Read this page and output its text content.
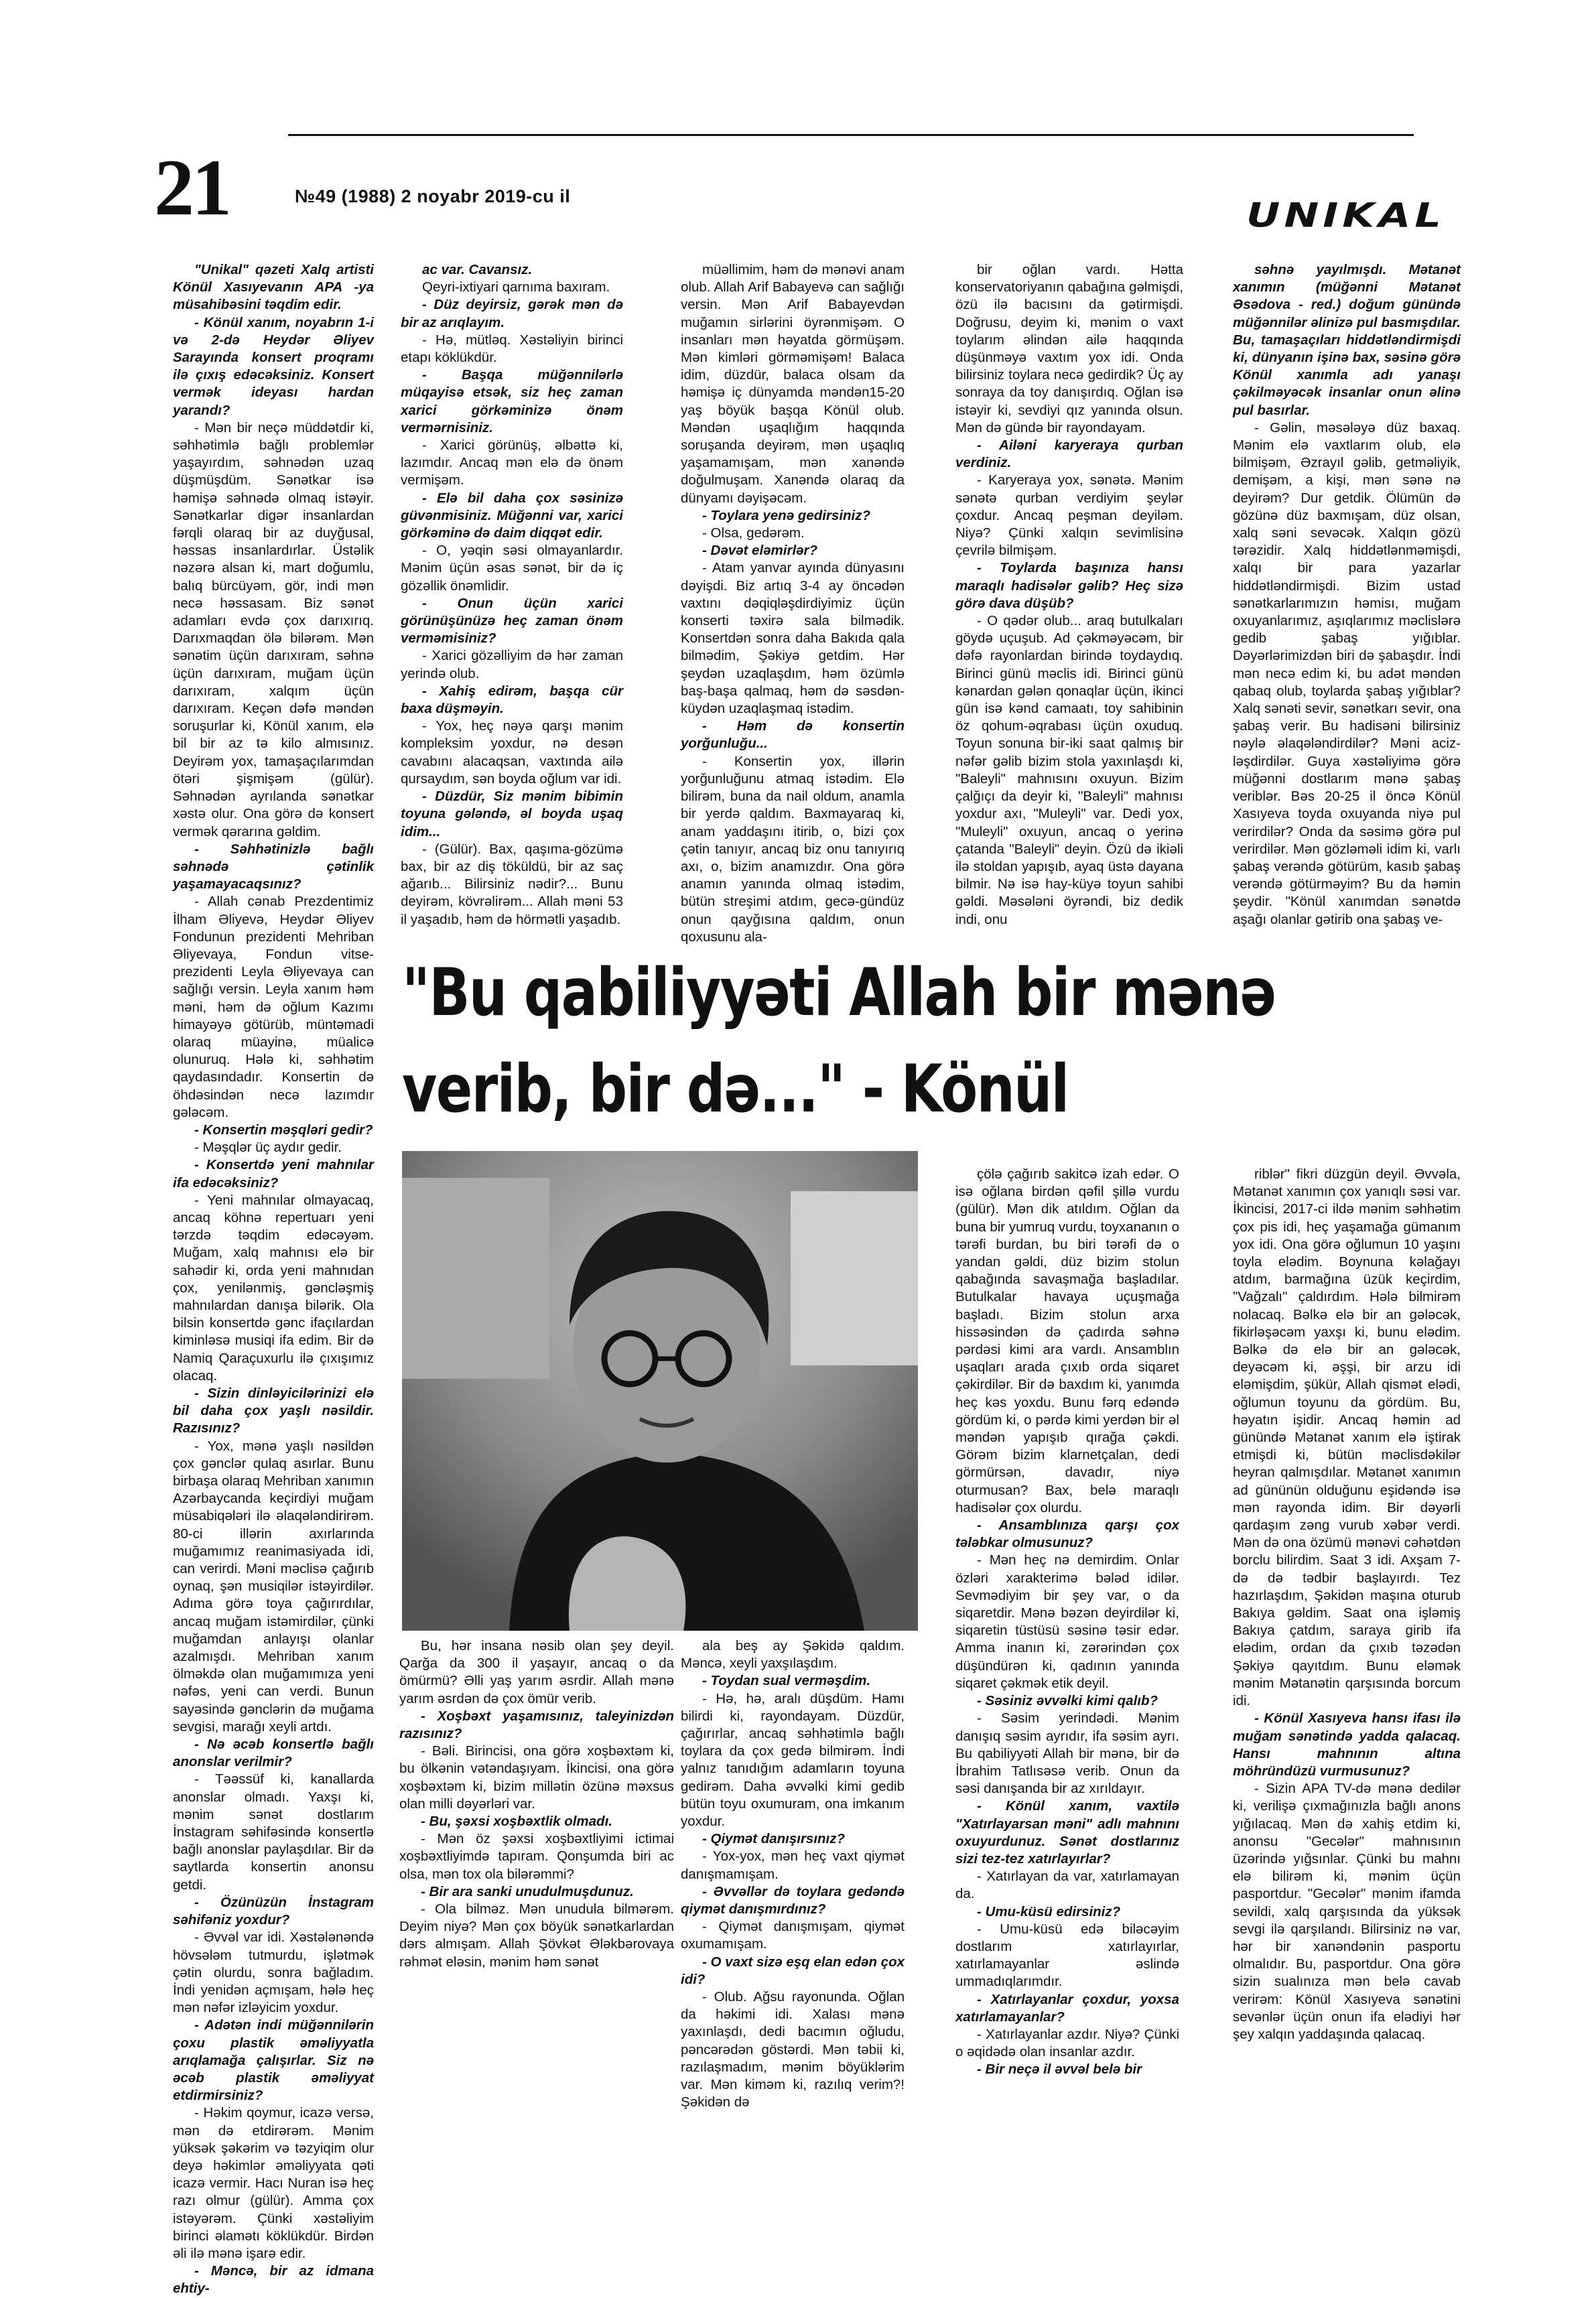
21	№49 (1988) 2 noyabr 2019-cu il	UNIKAL

"Unikal" qəzeti Xalq artisti Könül Xasıyevanın APA -ya müsahibəsini təqdim edir.

- Könül xanım, noyabrın 1-i və 2-də Heydər Əliyev Sarayında konsert proqramı ilə çıxış edəcəksiniz. Konsert vermək ideyası hardan yarandı?

- Mən bir neçə müddətdir ki, səhhətimlə bağlı problemlər yaşayırdım, səhnədən uzaq düşmüşdüm. Sənətkar isə həmişə səhnədə olmaq istəyir. Sənətkarlar digər insanlardan fərqli olaraq bir az duyğusal, həssas insanlardırlar. Üstəlik nəzərə alsan ki, mart doğumlu, balıq bürcüyəm, gör, indi mən necə həssasam. Biz sənət adamları evdə çox darıxırıq. Darıxmaqdan ölə bilərəm. Mən sənətim üçün darıxıram, səhnə üçün darıxıram, muğam üçün darıxıram, xalqım üçün darıxıram. Keçən dəfə məndən soruşurlar ki, Könül xanım, elə bil bir az tə kilo almısınız. Deyirəm yox, tamaşaçılarımdan ötəri şişmişəm (gülür). Səhnədən ayrılanda sənətkar xəstə olur. Ona görə də konsert vermək qərarına gəldim.

- Səhhətinizlə bağlı səhnədə çətinlik yaşamayacaqsınız?

- Allah cənab Prezdentimiz İlham Əliyevə, Heydər Əliyev Fondunun prezidenti Mehriban Əliyevaya, Fondun vitse-prezidenti Leyla Əliyevaya can sağlığı versin. Leyla xanım həm məni, həm də oğlum Kazımı himayəyə götürüb, müntəmadi olaraq müayinə, müalicə olunuruq. Hələ ki, səhhətim qaydasındadır. Konsertin də öhdəsindən necə lazımdır gələcəm.

- Konsertin məşqləri gedir?

- Məşqlər üç aydır gedir.

- Konsertdə yeni mahnılar ifa edəcəksiniz?

- Yeni mahnılar olmayacaq, ancaq köhnə repertuarı yeni tərzdə təqdim edəcəyəm. Muğam, xalq mahnısı elə bir sahədir ki, orda yeni mahnıdan çox, yenilənmiş, gəncləşmiş mahnılardan danışa bilərik. Ola bilsin konsertdə gənc ifaçılardan kiminləsə musiqi ifa edim. Bir də Namiq Qaraçuxurlu ilə çıxışımız olacaq.

- Sizin dinləyicilərinizi elə bil daha çox yaşlı nəsildir. Razısınız?

- Yox, mənə yaşlı nəsildən çox gənclər qulaq asırlar. Bunu birbaşa olaraq Mehriban xanımın Azərbaycanda keçirdiyi muğam müsabiqələri ilə əlaqələndirirəm. 80-ci illərin axırlarında muğamımız reanimasiyada idi, can verirdi. Məni məclisə çağırıb oynaq, şən musiqilər istəyirdilər. Adıma görə toya çağırırdılar, ancaq muğam istəmirdilər, çünki muğamdan anlayışı olanlar azalmışdı. Mehriban xanım ölməkdə olan muğamımıza yeni nəfəs, yeni can verdi. Bunun sayəsində gənclərin də muğama sevgisi, marağı xeyli artdı.

- Nə əcəb konsertlə bağlı anonslar verilmir?

- Təəssüf ki, kanallarda anonslar olmadı. Yaxşı ki, mənim sənət dostlarım İnstagram səhifəsində konsertlə bağlı anonslar paylaşdılar. Bir də saytlarda konsertin anonsu getdi.

- Özünüzün İnstagram səhifəniz yoxdur?

- Əvvəl var idi. Xəstələnəndə hövsələm tutmurdu, işlətmək çətin olurdu, sonra bağladım. İndi yenidən açmışam, hələ heç mən nəfər izləyicim yoxdur.

- Adətən indi müğənnilərin çoxu plastik əməliyyatla arıqlamağa çalışırlar. Siz nə əcəb plastik əməliyyat etdirmirsiniz?

- Həkim qoymur, icazə versə, mən də etdirərəm. Mənim yüksək şəkərim və təzyiqim olur deyə həkimlər əməliyyata qəti icazə vermir. Hacı Nuran isə heç razı olmur (gülür). Amma çox istəyərəm. Çünki xəstəliyim birinci əlamətı köklükdür. Birdən əli ilə mənə işarə edir.

- Məncə, bir az idmana ehtiy-

ac var. Cavansız.

Qeyri-ixtiyari qarnıma baxıram.

- Düz deyirsiz, gərək mən də bir az arıqlayım.

- Hə, mütləq. Xəstəliyin birinci etapı köklükdür.

- Başqa müğənnilərlə müqayisə etsək, siz heç zaman xarici görkəminizə önəm vermərnisiniz.

- Xarici görünüş, əlbəttə ki, lazımdır. Ancaq mən elə də önəm vermişəm.

- Elə bil daha çox səsinizə güvənmisiniz. Müğənni var, xarici görkəminə də daim diqqət edir.

- O, yəqin səsi olmayanlardır. Mənim üçün əsas sənət, bir də iç gözəllik önəmlidir.

- Onun üçün xarici görünüşünüzə heç zaman önəm verməmisiniz?

- Xarici gözəlliyim də hər zaman yerində olub.

- Xahiş edirəm, başqa cür baxa düşməyin.

- Yox, heç nəyə qarşı mənim kompleksim yoxdur, nə desən cavabını alacaqsan, vaxtında ailə qursaydım, sən boyda oğlum var idi.

- Düzdür, Siz mənim bibimin toyuna gələndə, əl boyda uşaq idim...

- (Gülür). Bax, qaşıma-gözümə bax, bir az diş töküldü, bir az saç ağarıb... Bilirsiniz nədir?... Bunu deyirəm, kövrəlirəm... Allah məni 53 il yaşadıb, həm də hörmətli yaşadıb.

müəllimim, həm də mənəvi anam olub. Allah Arif Babayevə can sağlığı versin. Mən Arif Babayevdən muğamın sirlərini öyrənmişəm. O insanları mən həyatda görmüşəm. Mən kimləri görməmişəm! Balaca idim, düzdür, balaca olsam da həmişə iç dünyamda məndən15-20 yaş böyük başqa Könül olub. Məndən uşaqlığım haqqında soruşanda deyirəm, mən uşaqlıq yaşamamışam, mən xanəndə doğulmuşam. Xanəndə olaraq da dünyamı dəyişəcəm.

- Toylara yenə gedirsiniz?

- Olsa, gedərəm.

- Dəvət eləmirlər?

- Atam yanvar ayında dünyasını dəyişdi. Biz artıq 3-4 ay öncədən vaxtını dəqiqləşdirdiyimiz üçün konserti təxirə sala bilmədik. Konsertdən sonra daha Bakıda qala bilmədim, Şəkiyə getdim. Hər şeydən uzaqlaşdım, həm özümlə baş-başa qalmaq, həm də səsdən-küydən uzaqlaşmaq istədim.

- Həm də konsertin yorğunluğu...

- Konsertin yox, illərin yorğunluğunu atmaq istədim. Elə bilirəm, buna da nail oldum, anamla bir yerdə qaldım. Baxmayaraq ki, anam yaddaşını itirib, o, bizi çox çətin tanıyır, ancaq biz onu tanıyırıq axı, o, bizim anamızdır. Ona görə anamın yanında olmaq istədim, bütün streşimi atdım, gecə-gündüz onun qayğısına qaldım, onun qoxusunu ala-

bir oğlan vardı. Hətta konservatoriyanın qabağına gəlmişdi, özü ilə bacısını da gətirmişdi. Doğrusu, deyim ki, mənim o vaxt toylarım əlindən ailə haqqında düşünməyə vaxtım yox idi. Onda bilirsiniz toylara necə gedirdik? Üç ay sonraya da toy danışırdıq. Oğlan isə istəyir ki, sevdiyi qız yanında olsun. Mən də gündə bir rayondayam.

- Ailəni karyeraya qurban verdiniz.

- Karyeraya yox, sənətə. Mənim sənətə qurban verdiyim şeylər çoxdur. Ancaq peşman deyiləm. Niyə? Çünki xalqın sevimlisinə çevrilə bilmişəm.

- Toylarda başınıza hansı maraqlı hadisələr gəlib? Heç sizə görə dava düşüb?

- O qədər olub... araq butulkaları göydə uçuşub. Ad çəkməyəcəm, bir dəfə rayonlardan birində toydaydıq. Birinci günü məclis idi. Birinci günü kənardan gələn qonaqlar üçün, ikinci gün isə kənd camaatı, toy sahibinin öz qohum-əqrabası üçün oxuduq. Toyun sonuna bir-iki saat qalmış bir nəfər gəlib bizim stola yaxınlaşdı ki, "Baleyli" mahnısını oxuyun. Bizim çalğıçı da deyir ki, "Baleyli" mahnısı yoxdur axı, "Muleyli" var. Dedi yox, "Muleyli" oxuyun, ancaq o yerinə çatanda "Baleyli" deyin. Özü də ikiəli ilə stoldan yapışıb, ayaq üstə dayana bilmir. Nə isə hay-küyə toyun sahibi gəldi. Məsələni öyrəndi, biz dedik indi, onu

səhnə yayılmışdı. Mətanət xanımın (müğənni Mətanət Əsədova - red.) doğum günündə müğənnilər əlinizə pul basmışdılar. Bu, tamaşaçıları hiddətləndirmişdi ki, dünyanın işinə bax, səsinə görə Könül xanımla adı yanaşı çəkilməyəcək insanlar onun əlinə pul basırlar.

- Gəlin, məsələyə düz baxaq. Mənim elə vaxtlarım olub, elə bilmişəm, Əzrayıl gəlib, getməliyik, demişəm, a kişi, mən sənə nə deyirəm? Dur getdik. Ölümün də gözünə düz baxmışam, düz olsan, xalq səni sevəcək. Xalqın gözü tərəzidir. Xalq hiddətlənməmişdi, xalqı bir para yazarlar hiddətləndirmişdi. Bizim ustad sənətkarlarımızın həmisı, muğam oxuyanlarımız, aşıqlarımız məclislərə gedib şabaş yığıblar. Dəyərlərimizdən biri də şabaşdır. İndi mən necə edim ki, bu adət məndən qabaq olub, toylarda şabaş yığıblar? Xalq sənəti sevir, sənətkarı sevir, ona şabaş verir. Bu hadisəni bilirsiniz nəylə əlaqələndirdilər? Məni acizləşdirdilər. Guya xəstəliyimə görə müğənni dostlarım mənə şabaş veriblər. Bəs 20-25 il öncə Könül Xasıyeva toyda oxuyanda niyə pul verirdilər? Onda da səsimə görə pul verirdilər. Mən gözləməli idim ki, varlı şabaş verəndə götürüm, kasıb şabaş verəndə götürməyim? Bu da həmin şeydir. "Könül xanımdan sənətdə aşağı olanlar gətirib ona şabaş ve-

"Bu qabiliyyəti Allah bir mənə
verib, bir də..." - Könül

çölə çağırıb sakitcə izah edər. O isə oğlana birdən qəfil şillə vurdu (gülür). Mən dik atıldım. Oğlan da buna bir yumruq vurdu, toyxananın o tərəfi burdan, bu biri tərəfi də o yandan gəldi, düz bizim stolun qabağında savaşmağa başladılar. Butulkalar havaya uçuşmağa başladı. Bizim stolun arxa hissəsindən də çadırda səhnə pərdəsi kimi ara vardı. Ansamblın uşaqları arada çıxıb orda siqaret çəkirdilər. Bir də baxdım ki, yanımda heç kəs yoxdu. Bunu fərq edəndə gördüm ki, o pərdə kimi yerdən bir əl məndən yapışıb qırağa çəkdi. Görəm bizim klarnetçalan, dedi görmürsən, davadır, niyə oturmusan? Bax, belə maraqlı hadisələr çox olurdu.

- Ansamblınıza qarşı çox tələbkar olmusunuz?

- Mən heç nə demirdim. Onlar özləri xarakterimə bələd idilər. Sevmədiyim bir şey var, o da siqaretdir. Mənə bəzən deyirdilər ki, siqaretin tüstüsü səsinə təsir edər. Amma inanın ki, zərərindən çox düşündürən ki, qadının yanında siqaret çəkmək etik deyil.

- Səsiniz əvvəlki kimi qalıb?

- Səsim yerindədi. Mənim danışıq səsim ayrıdır, ifa səsim ayrı. Bu qabiliyyəti Allah bir mənə, bir də İbrahim Tatlısəsə verib. Onun da səsi danışanda bir az xırıldayır.

- Könül xanım, vaxtilə "Xatırlayarsan məni" adlı mahnını oxuyurdunuz. Sənət dostlarınız sizi tez-tez xatırlayırlar?

- Xatırlayan da var, xatırlamayan da.

- Umu-küsü edirsiniz?

- Umu-küsü edə biləcəyim dostlarım xatırlayırlar, xatırlamayanlar əslində ummadıqlarımdır.

- Xatırlayanlar çoxdur, yoxsa xatırlamayanlar?

- Xatırlayanlar azdır. Niyə? Çünki o əqidədə olan insanlar azdır.

- Bir neçə il əvvəl belə bir

riblər" fikri düzgün deyil. Əvvəla, Mətanət xanımın çox yanıqlı səsi var. İkincisi, 2017-ci ildə mənim səhhətim çox pis idi, heç yaşamağa gümanım yox idi. Ona görə oğlumun 10 yaşını toyla elədim. Boynuna kəlağayı atdım, barmağına üzük keçirdim, "Vağzalı" çaldırdım. Hələ bilmirəm nolacaq. Bəlkə elə bir an gələcək, fikirləşəcəm yaxşı ki, bunu elədim. Bəlkə də elə bir an gələcək, deyəcəm ki, əşşi, bir arzu idi eləmişdim, şükür, Allah qismət elədi, oğlumun toyunu da gördüm. Bu, həyatın işidir. Ancaq həmin ad günündə Mətanət xanım elə iştirak etmişdi ki, bütün məclisdəkilər heyran qalmışdılar. Mətanət xanımın ad gününün olduğunu eşidəndə isə mən rayonda idim. Bir dəyərli qardaşım zəng vurub xəbər verdi. Mən də ona özümü mənəvi cəhətdən borclu bilirdim. Saat 3 idi. Axşam 7-də də tədbir başlayırdı. Tez hazırlaşdım, Şəkidən maşına oturub Bakıya gəldim. Saat ona işləmiş Bakıya çatdım, saraya girib ifa elədim, ordan da çıxıb təzədən Şəkiyə qayıtdım. Bunu eləmək mənim Mətanətin qarşısında borcum idi.

- Könül Xasıyeva hansı ifası ilə muğam sənətində yadda qalacaq. Hansı mahnının altına möhründüzü vurmusunuz?

- Sizin APA TV-də mənə dedilər ki, verilişə çıxmağınızla bağlı anons yığılacaq. Mən də xahiş etdim ki, anonsu "Gecələr" mahnısının üzərində yığsınlar. Çünki bu mahnı elə bilirəm ki, mənim üçün pasportdur. "Gecələr" mənim ifamda sevildi, xalq qarşısında da yüksək sevgi ilə qarşılandı. Bilirsiniz nə var, hər bir xanəndənin pasportu olmalıdır. Bu, pasportdur. Ona görə sizin sualınıza mən belə cavab verirəm: Könül Xasıyeva sənətini sevənlər üçün onun ifa elədiyi hər şey xalqın yaddaşında qalacaq.

Bu, hər insana nəsib olan şey deyil. Qarğa da 300 il yaşayır, ancaq o da ömürmü? Əlli yaş yarım əsrdir. Allah mənə yarım əsrdən də çox ömür verib.

- Xoşbəxt yaşamısınız, taleyinizdən razısınız?

- Bəli. Birincisi, ona görə xoşbəxtəm ki, bu ölkənin vətəndaşıyam. İkincisi, ona görə xoşbəxtəm ki, bizim millətin özünə məxsus olan milli dəyərləri var.

- Bu, şəxsi xoşbəxtlik olmadı.

- Mən öz şəxsi xoşbəxtliyimi ictimai xoşbəxtliyimdə tapıram. Qonşumda biri ac olsa, mən tox ola bilərəmmi?

- Bir ara sanki unudulmuşdunuz.

- Ola bilməz. Mən unudula bilmərəm. Deyim niyə? Mən çox böyük sənətkarlardan dərs almışam. Allah Şövkət Ələkbərovaya rəhmət eləsin, mənim həm sənət

ala beş ay Şəkidə qaldım. Məncə, xeyli yaxşılaşdım.

- Toydan sual verməşdim.

- Hə, hə, aralı düşdüm. Hamı bilirdi ki, rayondayam. Düzdür, çağırırlar, ancaq səhhətimlə bağlı toylara da çox gedə bilmirəm. İndi yalnız tanıdığım adamların toyuna gedirəm. Daha əvvəlki kimi gedib bütün toyu oxumuram, ona imkanım yoxdur.

- Qiymət danışırsınız?

- Yox-yox, mən heç vaxt qiymət danışmamışam.

- Əvvəllər də toylara gedəndə qiymət danışmırdınız?

- Qiymət danışmışam, qiymət oxumamışam.

- O vaxt sizə eşq elan edən çox idi?

- Olub. Ağsu rayonunda. Oğlan da həkimi idi. Xalası mənə yaxınlaşdı, dedi bacımın oğludu, pəncərədən göstərdi. Mən təbii ki, razılaşmadım, mənim böyüklərim var. Mən kiməm ki, razılıq verim?! Şəkidən də
